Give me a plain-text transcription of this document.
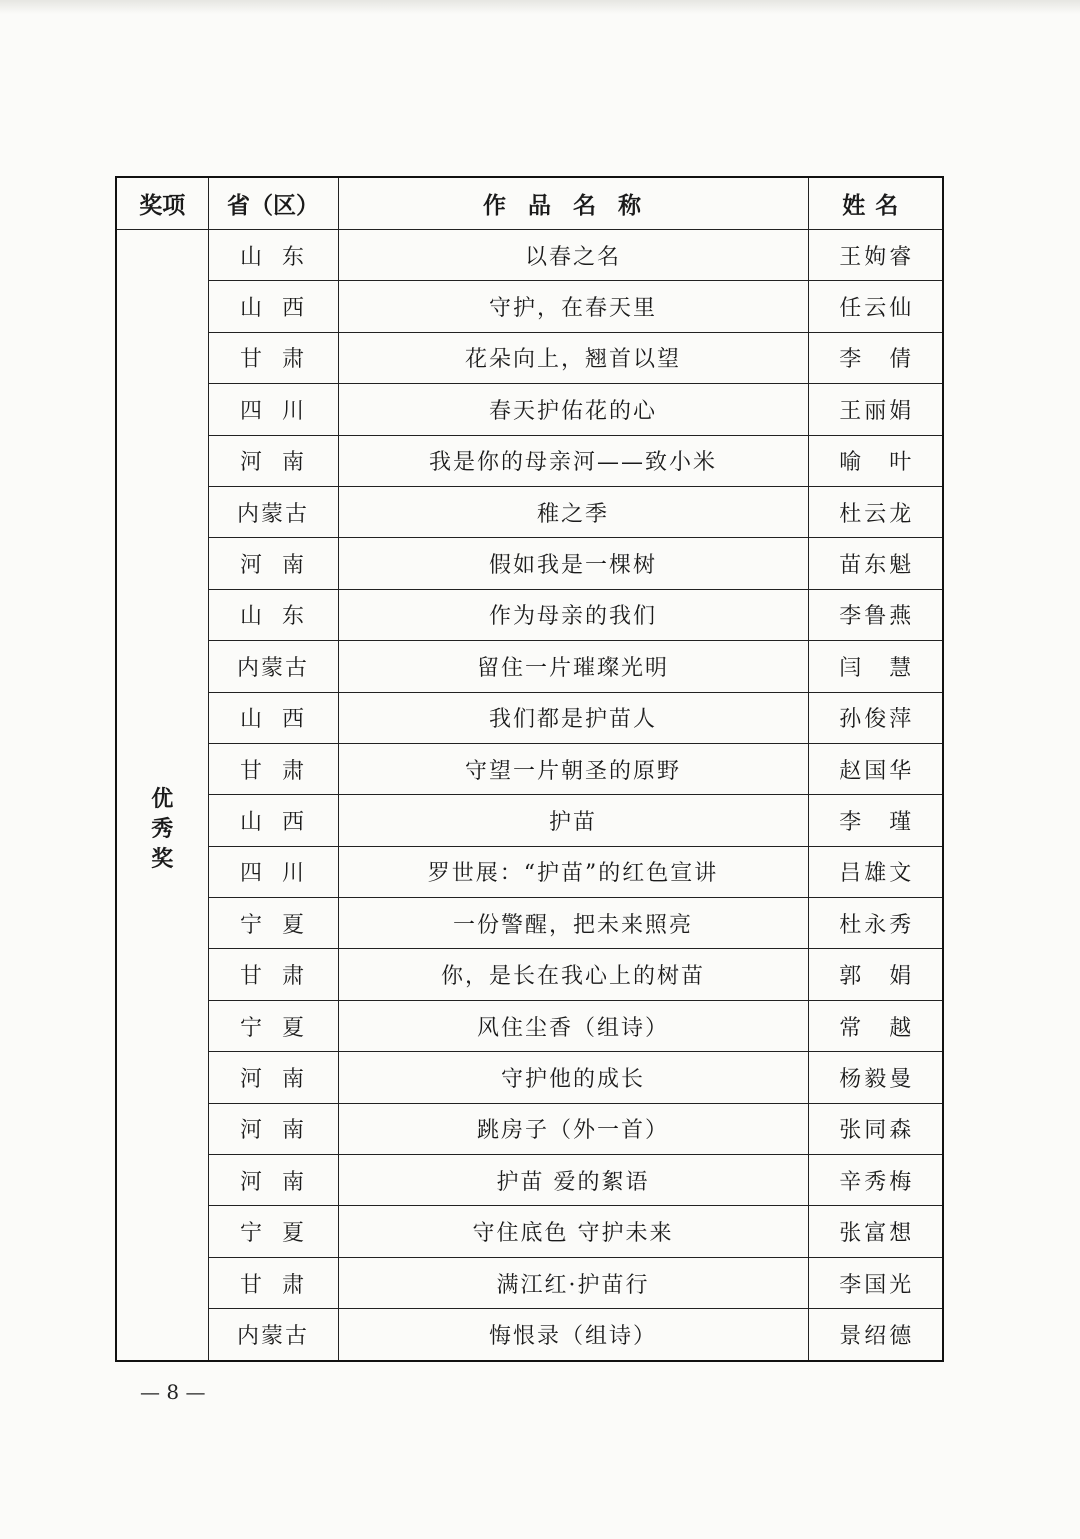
奖项	省（区）	作品名称	姓名
优秀奖	山 东	以春之名	王 姁 睿

	山 西	守护，在春天里	任 云 仙

	甘 肃	花朵向上，翘首以望	李 倩

	四 川	春天护佑花的心	王 丽 娟

	河 南	我是你的母亲河——致小米	喻 叶

	内 蒙 古	稚之季	杜 云 龙

	河 南	假如我是一棵树	苗 东 魁

	山 东	作为母亲的我们	李 鲁 燕

	内 蒙 古	留住一片璀璨光明	闫 慧

	山 西	我们都是护苗人	孙 俊 萍

	甘 肃	守望一片朝圣的原野	赵 国 华

	山 西	护苗	李 瑾

	四 川	罗世展：“护苗”的红色宣讲	吕 雄 文

	宁 夏	一份警醒，把未来照亮	杜 永 秀

	甘 肃	你，是长在我心上的树苗	郭 娟

	宁 夏	风住尘香（组诗）	常 越

	河 南	守护他的成长	杨 毅 曼

	河 南	跳房子（外一首）	张 同 森

	河 南	护苗 爱的絮语	辛 秀 梅

	宁 夏	守住底色 守护未来	张 富 想

	甘 肃	满江红·护苗行	李 国 光

	内 蒙 古	悔恨录（组诗）	景 绍 德
— 8 —
